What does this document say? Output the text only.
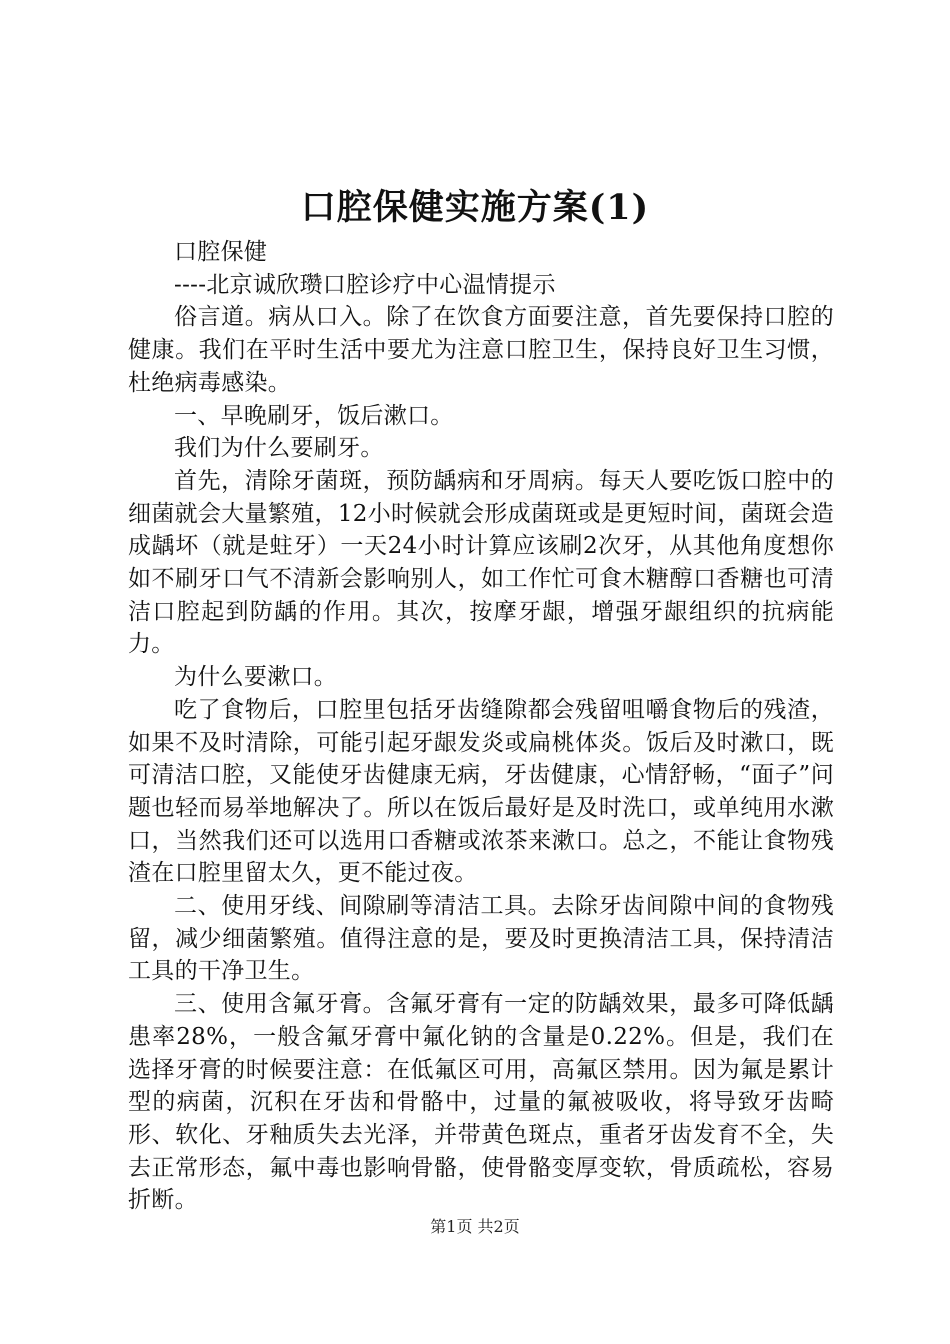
口腔保健实施方案(1)

口腔保健

----北京诚欣瓒口腔诊疗中心温情提示

俗言道。病从口入。除了在饮食方面要注意，首先要保持口腔的健康。我们在平时生活中要尤为注意口腔卫生，保持良好卫生习惯，杜绝病毒感染。

一、早晚刷牙，饭后漱口。

我们为什么要刷牙。

首先，清除牙菌斑，预防龋病和牙周病。每天人要吃饭口腔中的细菌就会大量繁殖，12小时候就会形成菌斑或是更短时间，菌斑会造成龋坏（就是蛀牙）一天24小时计算应该刷2次牙，从其他角度想你如不刷牙口气不清新会影响别人，如工作忙可食木糖醇口香糖也可清洁口腔起到防龋的作用。其次，按摩牙龈，增强牙龈组织的抗病能力。

为什么要漱口。

吃了食物后，口腔里包括牙齿缝隙都会残留咀嚼食物后的残渣，如果不及时清除，可能引起牙龈发炎或扁桃体炎。饭后及时漱口，既可清洁口腔，又能使牙齿健康无病，牙齿健康，心情舒畅，“面子”问题也轻而易举地解决了。所以在饭后最好是及时洗口，或单纯用水漱口，当然我们还可以选用口香糖或浓茶来漱口。总之，不能让食物残渣在口腔里留太久，更不能过夜。

二、使用牙线、间隙刷等清洁工具。去除牙齿间隙中间的食物残留，减少细菌繁殖。值得注意的是，要及时更换清洁工具，保持清洁工具的干净卫生。

三、使用含氟牙膏。含氟牙膏有一定的防龋效果，最多可降低龋患率28%，一般含氟牙膏中氟化钠的含量是0.22%。但是，我们在选择牙膏的时候要注意：在低氟区可用，高氟区禁用。因为氟是累计型的病菌，沉积在牙齿和骨骼中，过量的氟被吸收，将导致牙齿畸形、软化、牙釉质失去光泽，并带黄色斑点，重者牙齿发育不全，失去正常形态，氟中毒也影响骨骼，使骨骼变厚变软，骨质疏松，容易折断。

第1页 共2页
